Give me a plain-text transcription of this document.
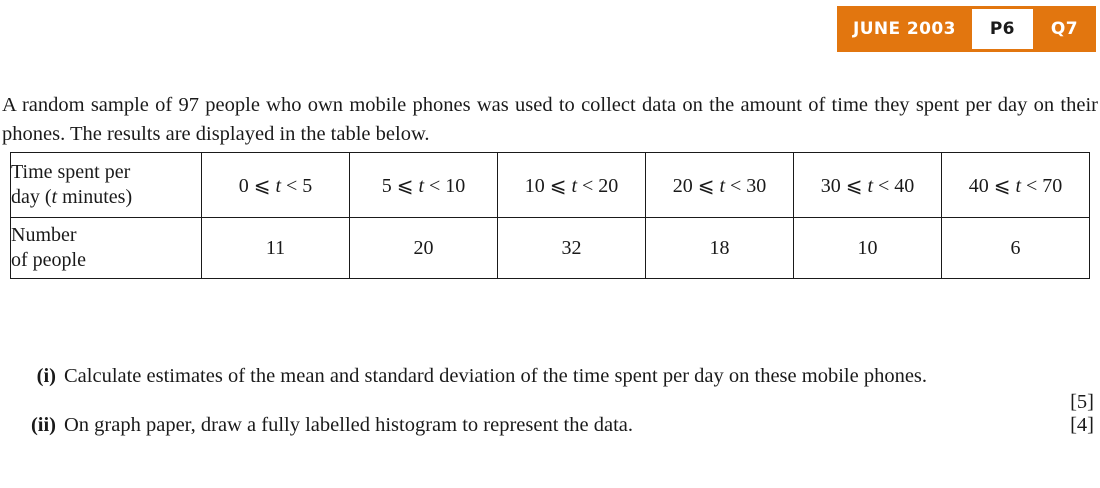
JUNE 2003	P6	Q7

A random sample of 97 people who own mobile phones was used to collect data on the amount of time they spent per day on their phones. The results are displayed in the table below.

Time spent per
day (t minutes)	0 ⩽ t < 5	5 ⩽ t < 10	10 ⩽ t < 20	20 ⩽ t < 30	30 ⩽ t < 40	40 ⩽ t < 70
Number
of people	11	20	32	18	10	6
(i) Calculate estimates of the mean and standard deviation of the time spent per day on these mobile phones.
[5]
(ii) On graph paper, draw a fully labelled histogram to represent the data.	[4]
